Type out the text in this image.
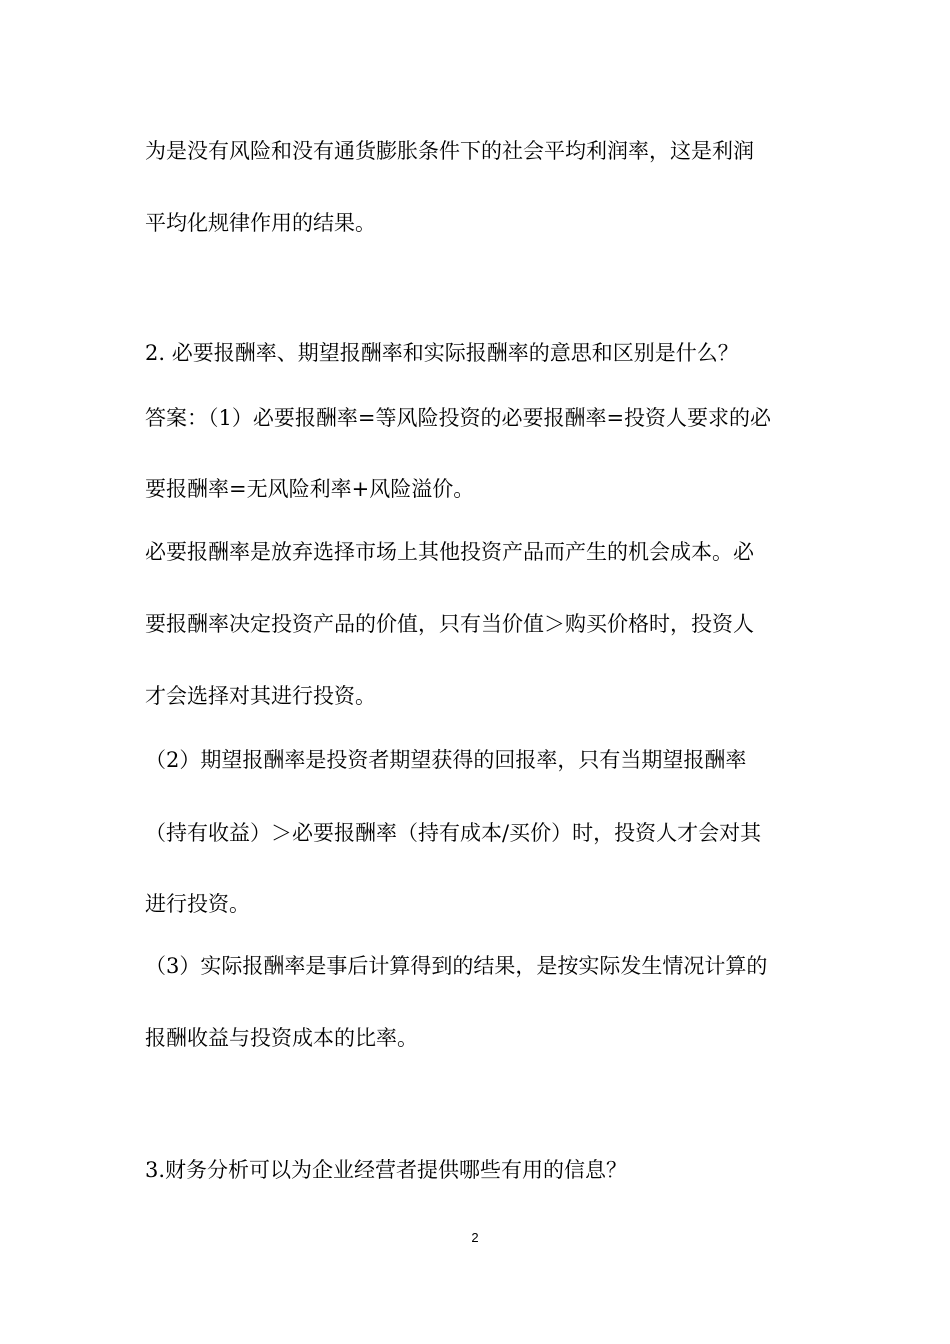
为是没有风险和没有通货膨胀条件下的社会平均利润率，这是利润
平均化规律作用的结果。
2. 必要报酬率、期望报酬率和实际报酬率的意思和区别是什么？
答案：（1）必要报酬率=等风险投资的必要报酬率=投资人要求的必
要报酬率=无风险利率+风险溢价。
必要报酬率是放弃选择市场上其他投资产品而产生的机会成本。必
要报酬率决定投资产品的价值，只有当价值＞购买价格时，投资人
才会选择对其进行投资。
（2）期望报酬率是投资者期望获得的回报率，只有当期望报酬率
（持有收益）＞必要报酬率（持有成本/买价）时，投资人才会对其
进行投资。
（3）实际报酬率是事后计算得到的结果，是按实际发生情况计算的
报酬收益与投资成本的比率。
3.财务分析可以为企业经营者提供哪些有用的信息？
2
